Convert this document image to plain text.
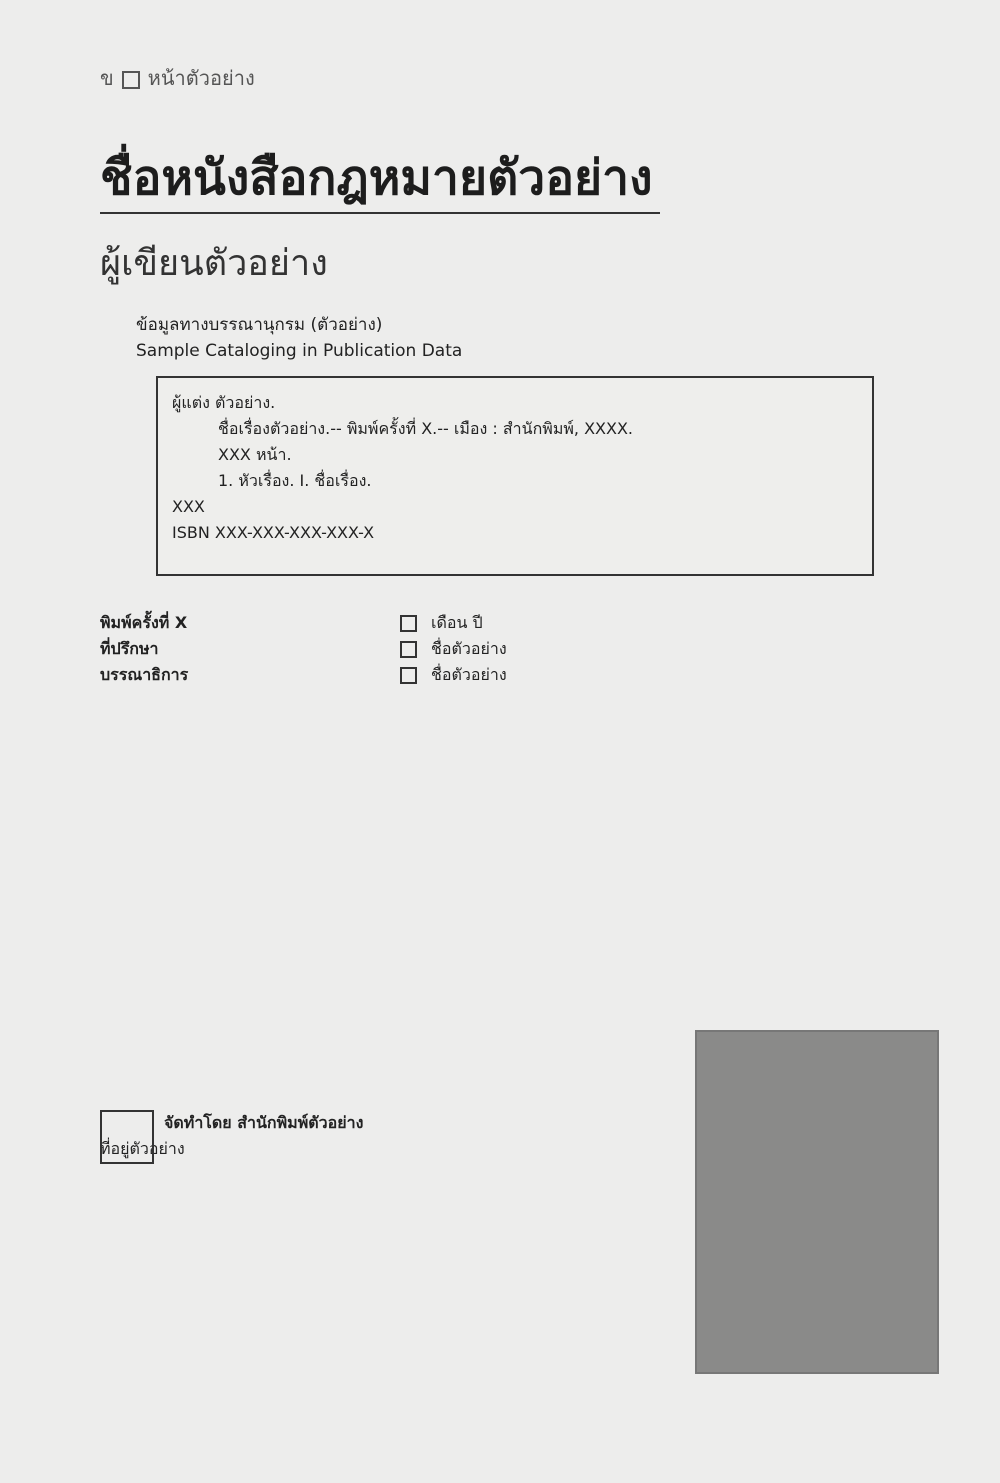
ข หน้าตัวอย่าง
ชื่อหนังสือกฎหมายตัวอย่าง
ผู้เขียนตัวอย่าง
ข้อมูลทางบรรณานุกรม (ตัวอย่าง)
Sample Cataloging in Publication Data
ผู้แต่ง ตัวอย่าง.
ชื่อเรื่องตัวอย่าง.-- พิมพ์ครั้งที่ X.-- เมือง : สำนักพิมพ์, XXXX.
XXX หน้า.
1. หัวเรื่อง. I. ชื่อเรื่อง.
XXX
ISBN XXX-XXX-XXX-XXX-X
พิมพ์ครั้งที่ X	เดือน ปี
ที่ปรึกษา	ชื่อตัวอย่าง
บรรณาธิการ	ชื่อตัวอย่าง
จัดทำโดย สำนักพิมพ์ตัวอย่าง
ที่อยู่ตัวอย่าง
